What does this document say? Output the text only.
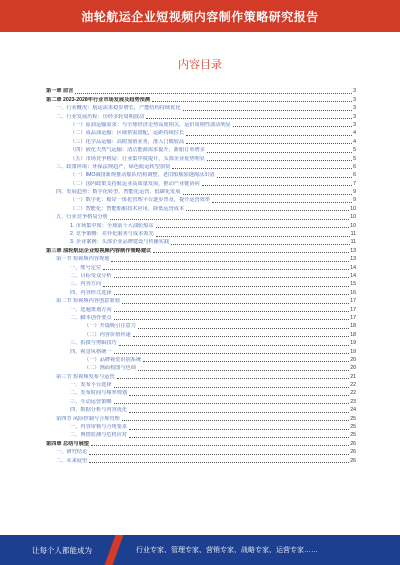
油轮航运企业短视频内容制作策略研究报告
内容目录
第一章 前言	3
第二章 2023-2028年行业市场发展及趋势预测	3
一、行业概况：航运需求稳步增长，产能结构持续优化	3
二、行业发展历程：历经多轮周期波动	3
（一）原油运输需求：与全球经济走势高度相关，运价周期性波动明显	3
（二）成品油运输：区域供需错配，运距持续拉长	4
（三）化学品运输：高附加值业务，准入门槛较高	4
（四）液化天然气运输：清洁能源需求提升，新船订单增多	5
（五）市场竞争格局：行业集中度提升，头部企业优势明显	5
三、政策环境：环保法规趋严，绿色航运转型加快	6
（一）IMO减排新规推动船队结构调整，老旧船舶加速淘汰出清	6
（二）国内政策支持航运业高质量发展，推动产业链协同	7
四、发展趋势：数字化转型、智能化运营、低碳化发展	9
（一）数字化：船岸一体化管理平台逐步普及，提升运营效率	9
（二）智能化：智能船舶技术应用，降低运营成本	10
五、行业竞争格局分析	10
1. 市场集中度：全球前十大油轮船东	10
2. 竞争策略：差异化服务与成本领先	11
3. 企业案例：头部企业品牌建设与传播实践	11
第三章 油轮航运企业短视频内容制作策略建议	13
第一节 短视频内容规划	13
一、账号定位	14
二、目标受众分析	14
三、内容方向	15
四、内容形式选择	16
第二节 短视频内容创意策划	17
一、选题策划方向	17
二、脚本创作要点	17
（一）开篇吸引注意力	18
（二）内容价值传递	18
三、拍摄与剪辑技巧	19
四、视觉风格统一	19
（一）品牌视觉识别系统	20
（二）画面构图与色调	20
第三节 短视频发布与运营	21
一、发布平台选择	22
二、发布时间与频率规划	22
三、互动运营策略	23
四、数据分析与内容优化	24
第四节 风险控制与合规管理	25
一、内容审核与合规要求	25
二、舆情监测与危机应对	25
第四章 总结与展望	26
一、研究结论	26
二、未来展望	26
让每个人都能成为	行业专家、管理专家、营销专家、战略专家、运营专家……
